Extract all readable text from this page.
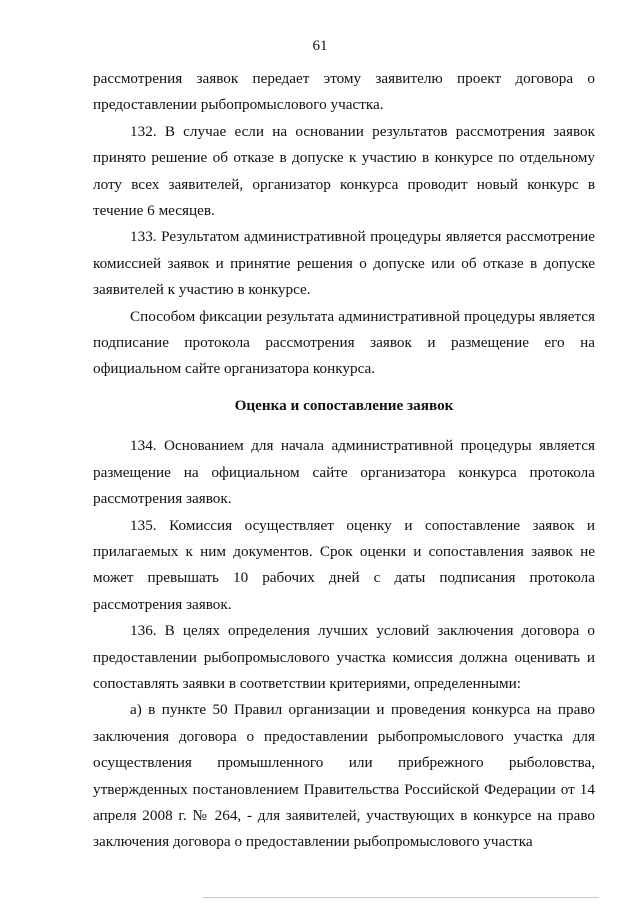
61

рассмотрения заявок передает этому заявителю проект договора о предоставлении рыбопромыслового участка.

132. В случае если на основании результатов рассмотрения заявок принято решение об отказе в допуске к участию в конкурсе по отдельному лоту всех заявителей, организатор конкурса проводит новый конкурс в течение 6 месяцев.

133. Результатом административной процедуры является рассмотрение комиссией заявок и принятие решения о допуске или об отказе в допуске заявителей к участию в конкурсе.

Способом фиксации результата административной процедуры является подписание протокола рассмотрения заявок и размещение его на официальном сайте организатора конкурса.

Оценка и сопоставление заявок

134. Основанием для начала административной процедуры является размещение на официальном сайте организатора конкурса протокола рассмотрения заявок.

135. Комиссия осуществляет оценку и сопоставление заявок и прилагаемых к ним документов. Срок оценки и сопоставления заявок не может превышать 10 рабочих дней с даты подписания протокола рассмотрения заявок.

136. В целях определения лучших условий заключения договора о предоставлении рыбопромыслового участка комиссия должна оценивать и сопоставлять заявки в соответствии критериями, определенными:

а) в пункте 50 Правил организации и проведения конкурса на право заключения договора о предоставлении рыбопромыслового участка для осуществления промышленного или прибрежного рыболовства, утвержденных постановлением Правительства Российской Федерации от 14 апреля 2008 г. № 264, - для заявителей, участвующих в конкурсе на право заключения договора о предоставлении рыбопромыслового участка
